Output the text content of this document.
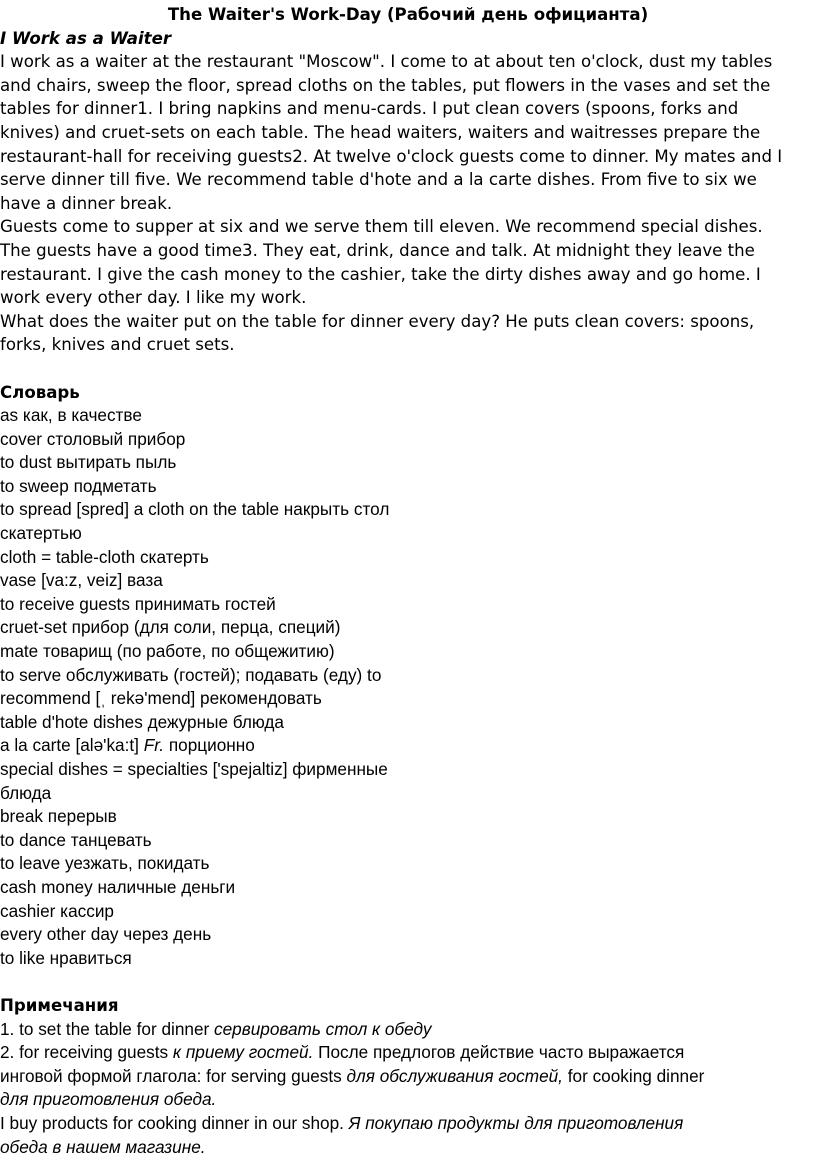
The Waiter's Work-Day (Рабочий день официанта)

I Work as a Waiter

I work as a waiter at the restaurant "Moscow". I come to at about ten o'clock, dust my tables
and chairs, sweep the floor, spread cloths on the tables, put flowers in the vases and set the
tables for dinner1. I bring napkins and menu-cards. I put clean covers (spoons, forks and
knives) and cruet-sets on each table. The head waiters, waiters and waitresses prepare the
restaurant-hall for receiving guests2. At twelve o'clock guests come to dinner. My mates and I
serve dinner till five. We recommend table d'hote and a la carte dishes. From five to six we
have a dinner break.
Guests come to supper at six and we serve them till eleven. We recommend special dishes.
The guests have a good time3. They eat, drink, dance and talk. At midnight they leave the
restaurant. I give the cash money to the cashier, take the dirty dishes away and go home. I
work every other day. I like my work.
What does the waiter put on the table for dinner every day? He puts clean covers: spoons,
forks, knives and cruet sets.

Словарь

as как, в качестве
cover столовый прибор
to dust вытирать пыль
to sweep подметать
to spread [spred] a cloth on the table накрыть стол
скатертью
cloth = table-cloth скатерть
vase [va:z, veiz] ваза
to receive guests принимать гостей
cruet-set прибор (для соли, перца, специй)
mate товарищ (по работе, по общежитию)
to serve обслуживать (гостей); подавать (еду) to
recommend [ˌ rekə'mend] рекомендовать
table d'hote dishes дежурные блюда
a la carte [alə'ka:t] Fr. порционно
special dishes = specialties ['spejaltiz] фирменные
блюда
break перерыв
to dance танцевать
to leave уезжать, покидать
cash money наличные деньги
cashier кассир
every other day через день
to like нравиться

Примечания

1. to set the table for dinner сервировать стол к обеду
2. for receiving guests к приему гостей. После предлогов действие часто выражается
инговой формой глагола: for serving guests для обслуживания гостей, for cooking dinner
для приготовления обеда.
I buy products for cooking dinner in our shop. Я покупаю продукты для приготовления
обеда в нашем магазине.
